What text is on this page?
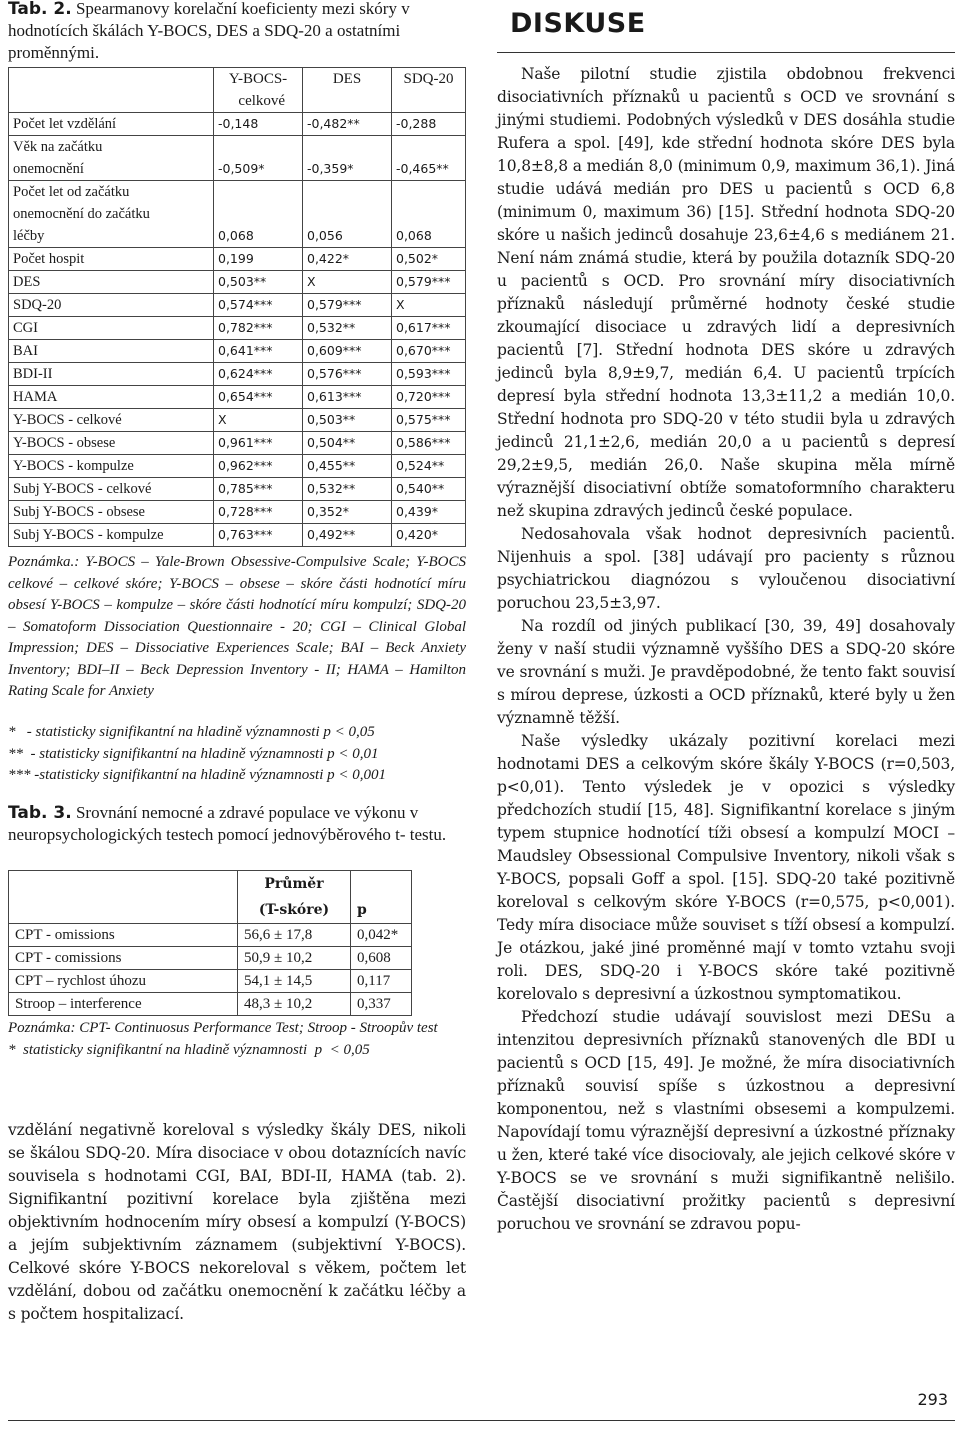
Tab. 2. Spearmanovy korelační koeficienty mezi skóry v hodnotících škálách Y-BOCS, DES a SDQ-20 a ostatními proměnnými.

	Y-BOCS-  celkové	DES	SDQ-20
Počet let vzdělání	-0,148	-0,482**	-0,288

Věk na začátku
onemocnění	-0,509*	-0,359*	-0,465**

Počet let od začátku
onemocnění do začátku
léčby	0,068	0,056	0,068
Počet hospit	0,199	0,422*	0,502*
DES	0,503**	X	0,579***
SDQ-20	0,574***	0,579***	X
CGI	0,782***	0,532**	0,617***
BAI	0,641***	0,609***	0,670***
BDI-II	0,624***	0,576***	0,593***
HAMA	0,654***	0,613***	0,720***
Y-BOCS - celkové	X	0,503**	0,575***
Y-BOCS - obsese	0,961***	0,504**	0,586***
Y-BOCS - kompulze	0,962***	0,455**	0,524**
Subj Y-BOCS - celkové	0,785***	0,532**	0,540**
Subj Y-BOCS - obsese	0,728***	0,352*	0,439*
Subj Y-BOCS - kompulze	0,763***	0,492**	0,420*

Poznámka.: Y-BOCS – Yale-Brown Obsessive-Compulsive Scale; Y-BOCS celkové – celkové skóre; Y-BOCS – obsese – skóre části hodnotící míru obsesí Y-BOCS – kompulze – skóre části hodnotící míru kompulzí; SDQ-20 – Somatoform Dissociation Questionnaire - 20; CGI – Clinical Global Impression; DES – Dissociative Experiences Scale; BAI – Beck Anxiety Inventory; BDI–II – Beck Depression Inventory - II; HAMA – Hamilton Rating Scale for Anxiety

*   - statisticky signifikantní na hladině významnosti p < 0,05
**  - statisticky signifikantní na hladině významnosti p < 0,01
*** -statisticky signifikantní na hladině významnosti p < 0,001

Tab. 3. Srovnání nemocné a zdravé populace ve výkonu v neuropsychologických testech pomocí jednovýběrového t- testu.

	Průměr
(T-skóre)	p
CPT - omissions	56,6 ± 17,8	0,042*
CPT - comissions	50,9 ± 10,2	0,608
CPT – rychlost úhozu	54,1 ± 14,5	0,117
Stroop – interference	48,3 ± 10,2	0,337

Poznámka: CPT- Continuosus Performance Test; Stroop - Stroopův test
*  statisticky signifikantní na hladině významnosti  p  < 0,05

vzdělání negativně koreloval s výsledky škály DES, nikoli se škálou SDQ-20. Míra disociace v obou dotaznících navíc souvisela s hodnotami CGI, BAI, BDI-II, HAMA (tab. 2). Signifikantní pozitivní korelace byla zjištěna mezi objektivním hodnocením míry obsesí a kompulzí (Y-BOCS) a jejím subjektivním záznamem (subjektivní Y-BOCS). Celkové skóre Y-BOCS nekoreloval s věkem, počtem let vzdělání, dobou od začátku onemocnění k začátku léčby a s počtem hospitalizací.

DISKUSE

Naše pilotní studie zjistila obdobnou frekvenci disociativních příznaků u pacientů s OCD ve srovnání s jinými studiemi. Podobných výsledků v DES dosáhla studie Rufera a spol. [49], kde střední hodnota skóre DES byla 10,8±8,8 a medián 8,0 (minimum 0,9, maximum 36,1). Jiná studie udává medián pro DES u pacientů s OCD 6,8 (minimum 0, maximum 36) [15]. Střední hodnota SDQ-20 skóre u našich jedinců dosahuje 23,6±4,6 s mediánem 21. Není nám známá studie, která by použila dotazník SDQ-20 u pacientů s OCD. Pro srovnání míry disociativních příznaků následují průměrné hodnoty české studie zkoumající disociace u zdravých lidí a depresivních pacientů [7]. Střední hodnota DES skóre u zdravých jedinců byla 8,9±9,7, medián 6,4. U pacientů trpících depresí byla střední hodnota 13,3±11,2 a medián 10,0. Střední hodnota pro SDQ-20 v této studii byla u zdravých jedinců 21,1±2,6, medián 20,0 a u pacientů s depresí 29,2±9,5, medián 26,0. Naše skupina měla mírně výraznější disociativní obtíže somatoformního charakteru než skupina zdravých jedinců české populace.

Nedosahovala však hodnot depresivních pacientů. Nijenhuis a spol. [38] udávají pro pacienty s různou psychiatrickou diagnózou s vyloučenou disociativní poruchou 23,5±3,97.

Na rozdíl od jiných publikací [30, 39, 49] dosahovaly ženy v naší studii významně vyššího DES a SDQ-20 skóre ve srovnání s muži. Je pravděpodobné, že tento fakt souvisí s mírou deprese, úzkosti a OCD příznaků, které byly u žen významně těžší.

Naše výsledky ukázaly pozitivní korelaci mezi hodnotami DES a celkovým skóre škály Y-BOCS (r=0,503, p<0,01). Tento výsledek je v opozici s výsledky předchozích studií [15, 48]. Signifikantní korelace s jiným typem stupnice hodnotící tíži obsesí a kompulzí MOCI – Maudsley Obsessional Compulsive Inventory, nikoli však s Y-BOCS, popsali Goff a spol. [15]. SDQ-20 také pozitivně koreloval s celkovým skóre Y-BOCS (r=0,575, p<0,001). Tedy míra disociace může souviset s tíží obsesí a kompulzí. Je otázkou, jaké jiné proměnné mají v tomto vztahu svoji roli. DES, SDQ-20 i Y-BOCS skóre také pozitivně korelovalo s depresivní a úzkostnou symptomatikou.

Předchozí studie udávají souvislost mezi DESu a intenzitou depresivních příznaků stanovených dle BDI u pacientů s OCD [15, 49]. Je možné, že míra disociativních příznaků souvisí spíše s úzkostnou a depresivní komponentou, než s vlastními obsesemi a kompulzemi. Napovídají tomu výraznější depresivní a úzkostné příznaky u žen, které také více disociovaly, ale jejich celkové skóre v Y-BOCS se ve srovnání s muži signifikantně nelišilo. Častější disociativní prožitky pacientů s depresivní poruchou ve srovnání se zdravou popu-

293
